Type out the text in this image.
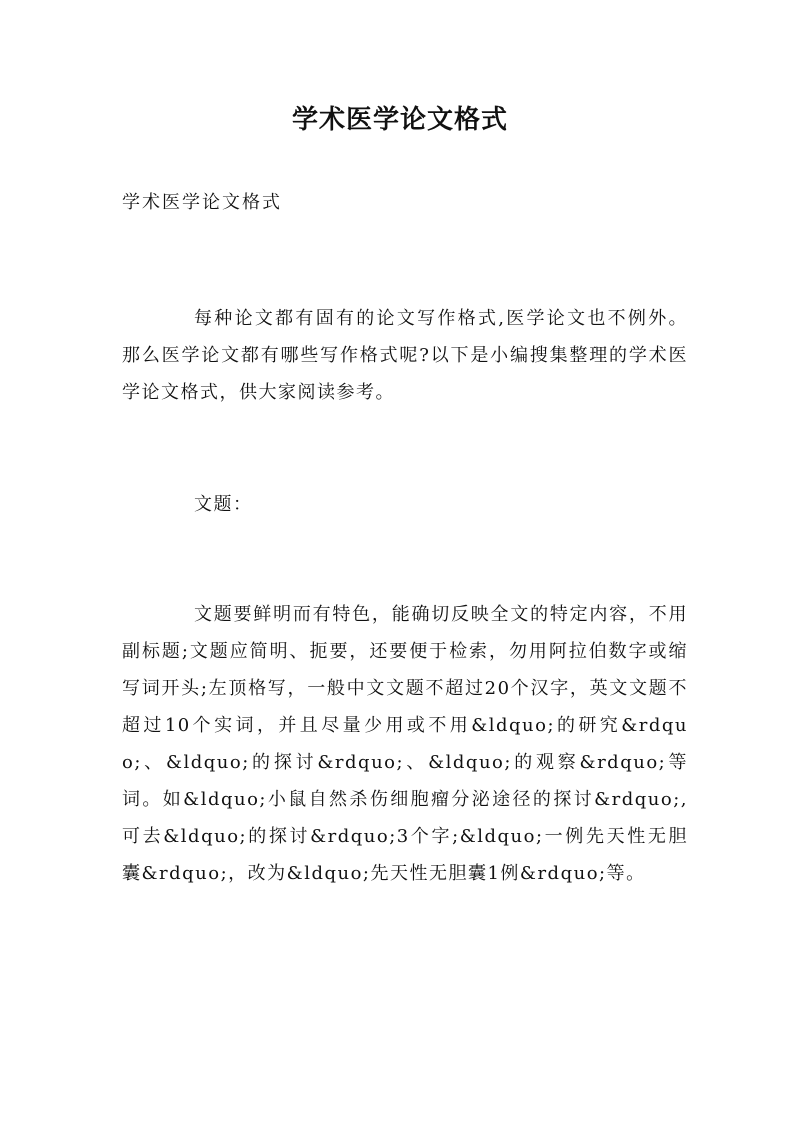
学术医学论文格式

学术医学论文格式

每种论文都有固有的论文写作格式,医学论文也不例外。那么医学论文都有哪些写作格式呢?以下是小编搜集整理的学术医学论文格式，供大家阅读参考。

文题：

文题要鲜明而有特色，能确切反映全文的特定内容，不用副标题;文题应简明、扼要，还要便于检索，勿用阿拉伯数字或缩写词开头;左顶格写，一般中文文题不超过20个汉字，英文文题不超过10个实词，并且尽量少用或不用&ldquo;的研究&rdquo;、&ldquo;的探讨&rdquo;、&ldquo;的观察&rdquo;等词。如&ldquo;小鼠自然杀伤细胞瘤分泌途径的探讨&rdquo;,可去&ldquo;的探讨&rdquo;3个字;&ldquo;一例先天性无胆囊&rdquo;，改为&ldquo;先天性无胆囊1例&rdquo;等。
